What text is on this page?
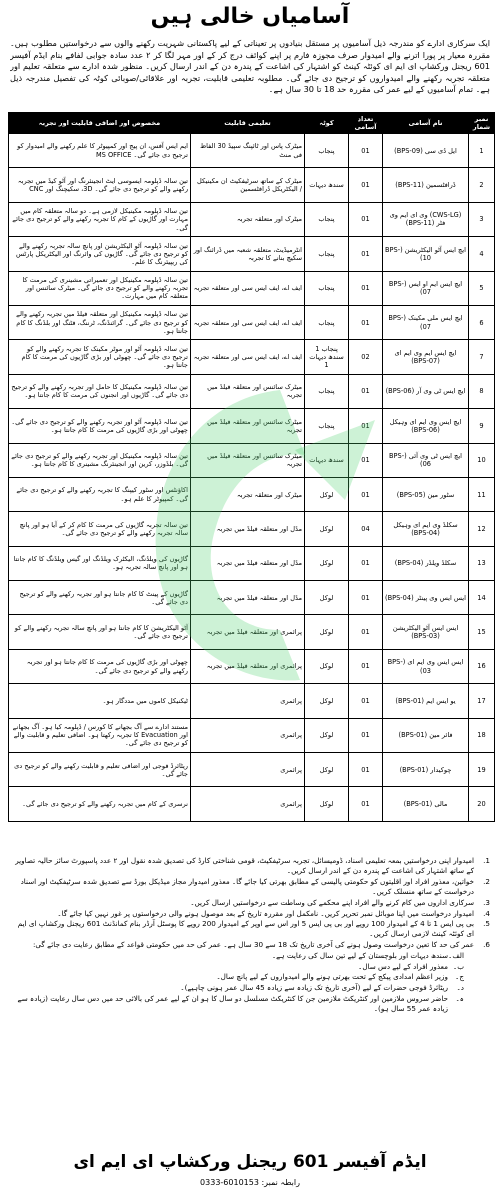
آسامیاں خالی ہیں
ایک سرکاری ادارے کو مندرجہ ذیل آسامیوں پر مستقل بنیادوں پر تعیناتی کے لیے پاکستانی شہریت رکھنے والوں سے درخواستیں مطلوب ہیں۔ مقررہ معیار پر پورا اترنے والے امیدوار صرف مجوزہ فارم پر اپنے کوائف درج کر کے اور مہر لگا کر ۲ عدد سادہ جوابی لفافے بنام ایڈم آفیسر 601 ریجنل ورکشاپ ای ایم ای کوئٹہ کینٹ کو اشتہار کی اشاعت کے پندرہ دن کے اندر ارسال کریں۔ منظور شدہ ادارے سے متعلقہ تعلیم اور متعلقہ تجربہ رکھنے والے امیدواروں کو ترجیح دی جائے گی۔ مطلوبہ تعلیمی قابلیت، تجربہ اور علاقائی/صوبائی کوٹہ کی تفصیل مندرجہ ذیل ہے۔ تمام آسامیوں کے لیے عمر کی مقررہ حد 18 تا 30 سال ہے۔
نمبر شمار	نام آسامی	تعداد آسامی	کوٹہ	تعلیمی قابلیت	مخصوص اور اضافی قابلیت اور تجربہ
1	ایل ڈی سی (BPS-09)	01	پنجاب	میٹرک پاس اور ٹائپنگ سپیڈ 30 الفاظ فی منٹ	ایم ایس آفس، ان پیج اور کمپیوٹر کا علم رکھنے والے امیدوار کو ترجیح دی جائے گی۔ MS OFFICE
2	ڈرافٹسمین (BPS-11)	01	سندھ دیہات	میٹرک کے ساتھ سرٹیفکیٹ ان مکینیکل / الیکٹریکل ڈرافٹسمین	تین سالہ ڈپلومہ ایسوسی ایٹ انجینئرنگ اور آٹو کیڈ میں تجربہ رکھنے والے کو ترجیح دی جائے گی۔ 3D، سکیچنگ اور CNC
3	(CWS-LG) وی ای ایم وی فٹر (BPS-11)	01	پنجاب	میٹرک اور متعلقہ تجربہ	تین سالہ ڈپلومہ مکینیکل لازمی ہے۔ دو سالہ متعلقہ کام میں مہارت اور گاڑیوں کے کام کا تجربہ رکھنے والے کو ترجیح دی جائے گی۔
4	ایچ ایس آٹو الیکٹریشن (BPS-10)	01	پنجاب	انٹرمیڈیٹ، متعلقہ شعبہ میں ڈرائنگ اور سکیچ بنانے کا تجربہ	تین سالہ ڈپلومہ آٹو الیکٹریشن اور پانچ سالہ تجربہ رکھنے والے کو ترجیح دی جائے گی۔ گاڑیوں کی وائرنگ اور الیکٹریکل پارٹس کی ریپیئرنگ کا علم۔
5	ایچ ایس ایم او ایس (BPS-07)	01	پنجاب	ایف اے، ایف ایس سی اور متعلقہ تجربہ	تین سالہ ڈپلومہ مکینیکل اور تعمیراتی مشینری کی مرمت کا تجربہ رکھنے والے کو ترجیح دی جائے گی۔ میٹرک سائنس اور متعلقہ کام میں مہارت۔
6	ایچ ایس ملی مکینک (BPS-07)	01	پنجاب	ایف اے، ایف ایس سی اور متعلقہ تجربہ	تین سالہ ڈپلومہ مکینیکل اور متعلقہ فیلڈ میں تجربہ رکھنے والے کو ترجیح دی جائے گی۔ گرائنڈنگ، ٹرننگ، فٹنگ اور بلڈنگ کا کام جانتا ہو۔
7	ایچ ایس ایم وی ایم ای (BPS-07)	02	پنجاب 1 سندھ دیہات 1	ایف اے، ایف ایس سی اور متعلقہ تجربہ	تین سالہ ڈپلومہ آٹو اور موٹر مکینک کا تجربہ رکھنے والے کو ترجیح دی جائے گی۔ چھوٹی اور بڑی گاڑیوں کی مرمت کا کام جانتا ہو۔
8	ایچ ایس ٹی وی آر (BPS-06)	01	پنجاب	میٹرک سائنس اور متعلقہ فیلڈ میں تجربہ	تین سالہ ڈپلومہ مکینیکل کا حامل اور تجربہ رکھنے والے کو ترجیح دی جائے گی۔ گاڑیوں اور انجنوں کی مرمت کا کام جانتا ہو۔
9	ایچ ایس وی ایم ای وہیکل (BPS-06)	01	پنجاب	میٹرک سائنس اور متعلقہ فیلڈ میں تجربہ	تین سالہ ڈپلومہ آٹو اور تجربہ رکھنے والے کو ترجیح دی جائے گی۔ چھوٹی اور بڑی گاڑیوں کی مرمت کا کام جانتا ہو۔
10	ایچ ایس ٹی وی آئی (BPS-06)	01	سندھ دیہات	میٹرک سائنس اور متعلقہ فیلڈ میں تجربہ	تین سالہ ڈپلومہ مکینیکل اور تجربہ رکھنے والے کو ترجیح دی جائے گی۔ بلڈوزر، کرین اور انجینئرنگ مشینری کا کام جانتا ہو۔
11	سٹور مین (BPS-05)	01	لوکل	میٹرک اور متعلقہ تجربہ	اکاؤنٹس اور سٹور کیپنگ کا تجربہ رکھنے والے کو ترجیح دی جائے گی۔ کمپیوٹر کا علم ہو۔
12	سکلڈ وی ایم ای وہیکل (BPS-04)	04	لوکل	مڈل اور متعلقہ فیلڈ میں تجربہ	تین سالہ تجربہ گاڑیوں کی مرمت کا کام کر کے آیا ہو اور پانچ سالہ تجربہ رکھنے والے کو ترجیح دی جائے گی۔
13	سکلڈ ویلڈر (BPS-04)	01	لوکل	مڈل اور متعلقہ فیلڈ میں تجربہ	گاڑیوں کی ویلڈنگ، الیکٹرک ویلڈنگ اور گیس ویلڈنگ کا کام جانتا ہو اور پانچ سالہ تجربہ ہو۔
14	ایس ایس وی پینٹر (BPS-04)	01	لوکل	مڈل اور متعلقہ فیلڈ میں تجربہ	گاڑیوں کے پینٹ کا کام جانتا ہو اور تجربہ رکھنے والے کو ترجیح دی جائے گی۔
15	ایس ایس آٹو الیکٹریشن (BPS-03)	01	لوکل	پرائمری اور متعلقہ فیلڈ میں تجربہ	آٹو الیکٹریشن کا کام جانتا ہو اور پانچ سالہ تجربہ رکھنے والے کو ترجیح دی جائے گی۔
16	ایس ایس وی ایم ای (BPS-03)	01	لوکل	پرائمری اور متعلقہ فیلڈ میں تجربہ	چھوٹی اور بڑی گاڑیوں کی مرمت کا کام جانتا ہو اور تجربہ رکھنے والے کو ترجیح دی جائے گی۔
17	یو ایس ایم (BPS-01)	01	لوکل	پرائمری	ٹیکنیکل کاموں میں مددگار ہو۔
18	فائر مین (BPS-01)	01	لوکل	پرائمری	مستند ادارے سے آگ بجھانے کا کورس / ڈپلومہ کیا ہو۔ آگ بجھانے اور Evacuation کا تجربہ رکھتا ہو۔ اضافی تعلیم و قابلیت والے کو ترجیح دی جائے گی۔
19	چوکیدار (BPS-01)	01	لوکل	پرائمری	ریٹائرڈ فوجی اور اضافی تعلیم و قابلیت رکھنے والے کو ترجیح دی جائے گی۔
20	مالی (BPS-01)	01	لوکل	پرائمری	نرسری کے کام میں تجربہ رکھنے والے کو ترجیح دی جائے گی۔
1.
امیدوار اپنی درخواستیں بمعہ تعلیمی اسناد، ڈومیسائل، تجربہ سرٹیفکیٹ، قومی شناختی کارڈ کی تصدیق شدہ نقول اور ۲ عدد پاسپورٹ سائز حالیہ تصاویر کے ساتھ اشتہار کی اشاعت کے پندرہ دن کے اندر ارسال کریں۔
2.
خواتین، معذور افراد اور اقلیتوں کو حکومتی پالیسی کے مطابق بھرتی کیا جائے گا۔ معذور امیدوار مجاز میڈیکل بورڈ سے تصدیق شدہ سرٹیفکیٹ اور اسناد درخواست کے ساتھ منسلک کریں۔
3.
سرکاری اداروں میں کام کرنے والے افراد اپنے محکمے کی وساطت سے درخواستیں ارسال کریں۔
4.
امیدوار درخواست میں اپنا موبائل نمبر تحریر کریں۔ نامکمل اور مقررہ تاریخ کے بعد موصول ہونے والی درخواستوں پر غور نہیں کیا جائے گا۔
5.
بی پی ایس 1 تا 4 کے امیدوار 100 روپے اور بی پی ایس 5 اور اس سے اوپر کے امیدوار 200 روپے کا پوسٹل آرڈر بنام کمانڈنٹ 601 ریجنل ورکشاپ ای ایم ای کوئٹہ کینٹ لازمی ارسال کریں۔
6.
عمر کی حد کا تعین درخواست وصول ہونے کی آخری تاریخ تک 18 سے 30 سال ہے۔ عمر کی حد میں حکومتی قواعد کے مطابق رعایت دی جائے گی:
الف۔
سندھ دیہات اور بلوچستان کے لیے تین سال کی رعایت ہے۔
ب۔
معذور افراد کے لیے دس سال۔
ج۔
وزیر اعظم امدادی پیکج کے تحت بھرتی ہونے والے امیدواروں کے لیے پانچ سال۔
د۔
ریٹائرڈ فوجی حضرات کے لیے (آخری تاریخ تک زیادہ سے زیادہ 45 سال عمر ہونی چاہیے)۔
ہ۔
حاضر سروس ملازمین اور کنٹریکٹ ملازمین جن کا کنٹریکٹ مسلسل دو سال کا ہو ان کے لیے عمر کی بالائی حد میں دس سال رعایت (زیادہ سے زیادہ عمر 55 سال ہو)۔
ایڈم آفیسر 601 ریجنل ورکشاپ ای ایم ای
رابطہ نمبر: 0333-6010153
